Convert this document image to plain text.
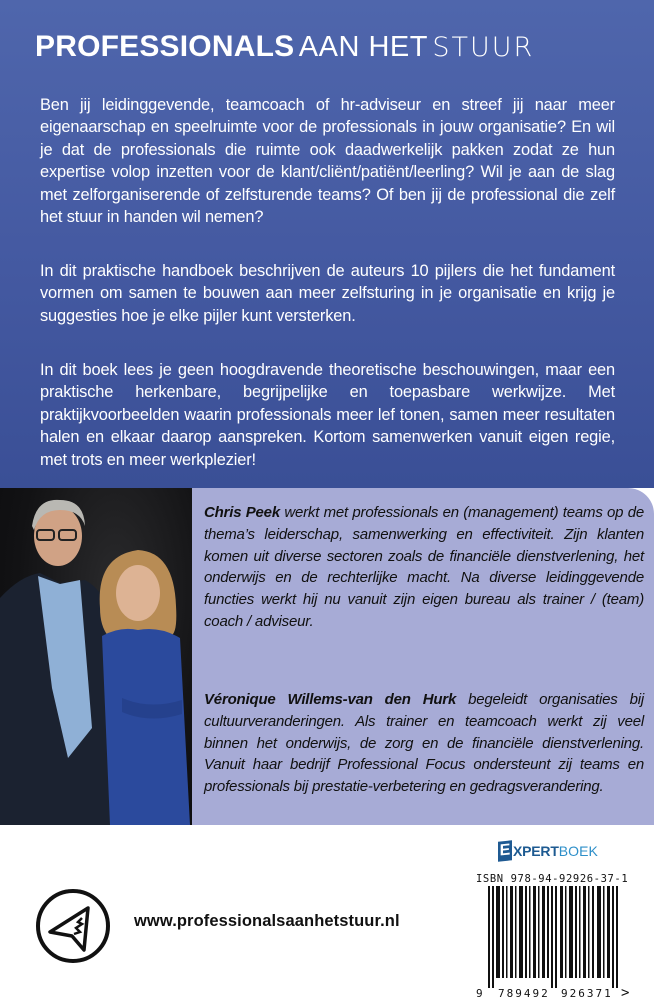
PROFESSIONALS AAN HET STUUR

Ben jij leidinggevende, teamcoach of hr-adviseur en streef jij naar meer eigenaarschap en speelruimte voor de professionals in jouw organisatie? En wil je dat de professionals die ruimte ook daadwerkelijk pakken zodat ze hun expertise volop inzetten voor de klant/cliënt/patiënt/leerling? Wil je aan de slag met zelforganiserende of zelfsturende teams? Of ben jij de professional die zelf het stuur in handen wil nemen?

In dit praktische handboek beschrijven de auteurs 10 pijlers die het fundament vormen om samen te bouwen aan meer zelfsturing in je organisatie en krijg je suggesties hoe je elke pijler kunt versterken.

In dit boek lees je geen hoogdravende theoretische beschouwingen, maar een praktische herkenbare, begrijpelijke en toepasbare werkwijze. Met praktijkvoorbeelden waarin professionals meer lef tonen, samen meer resultaten halen en elkaar daarop aanspreken. Kortom samenwerken vanuit eigen regie, met trots en meer werkplezier!

Chris Peek werkt met professionals en (management) teams op de thema’s leiderschap, samenwerking en effectiviteit. Zijn klanten komen uit diverse sectoren zoals de financiële dienstverlening, het onderwijs en de rechterlijke macht. Na diverse leidinggevende functies werkt hij nu vanuit zijn eigen bureau als trainer / (team) coach / adviseur.

Véronique Willems-van den Hurk begeleidt organisaties bij cultuurveranderingen. Als trainer en teamcoach werkt zij veel binnen het onderwijs, de zorg en de financiële dienstverlening. Vanuit haar bedrijf Professional Focus ondersteunt zij teams en professionals bij prestatie-verbetering en gedragsverandering.

www.professionalsaanhetstuur.nl
E XPERT BOEK
ISBN 978-94-92926-37-1
9 789492 926371 >
